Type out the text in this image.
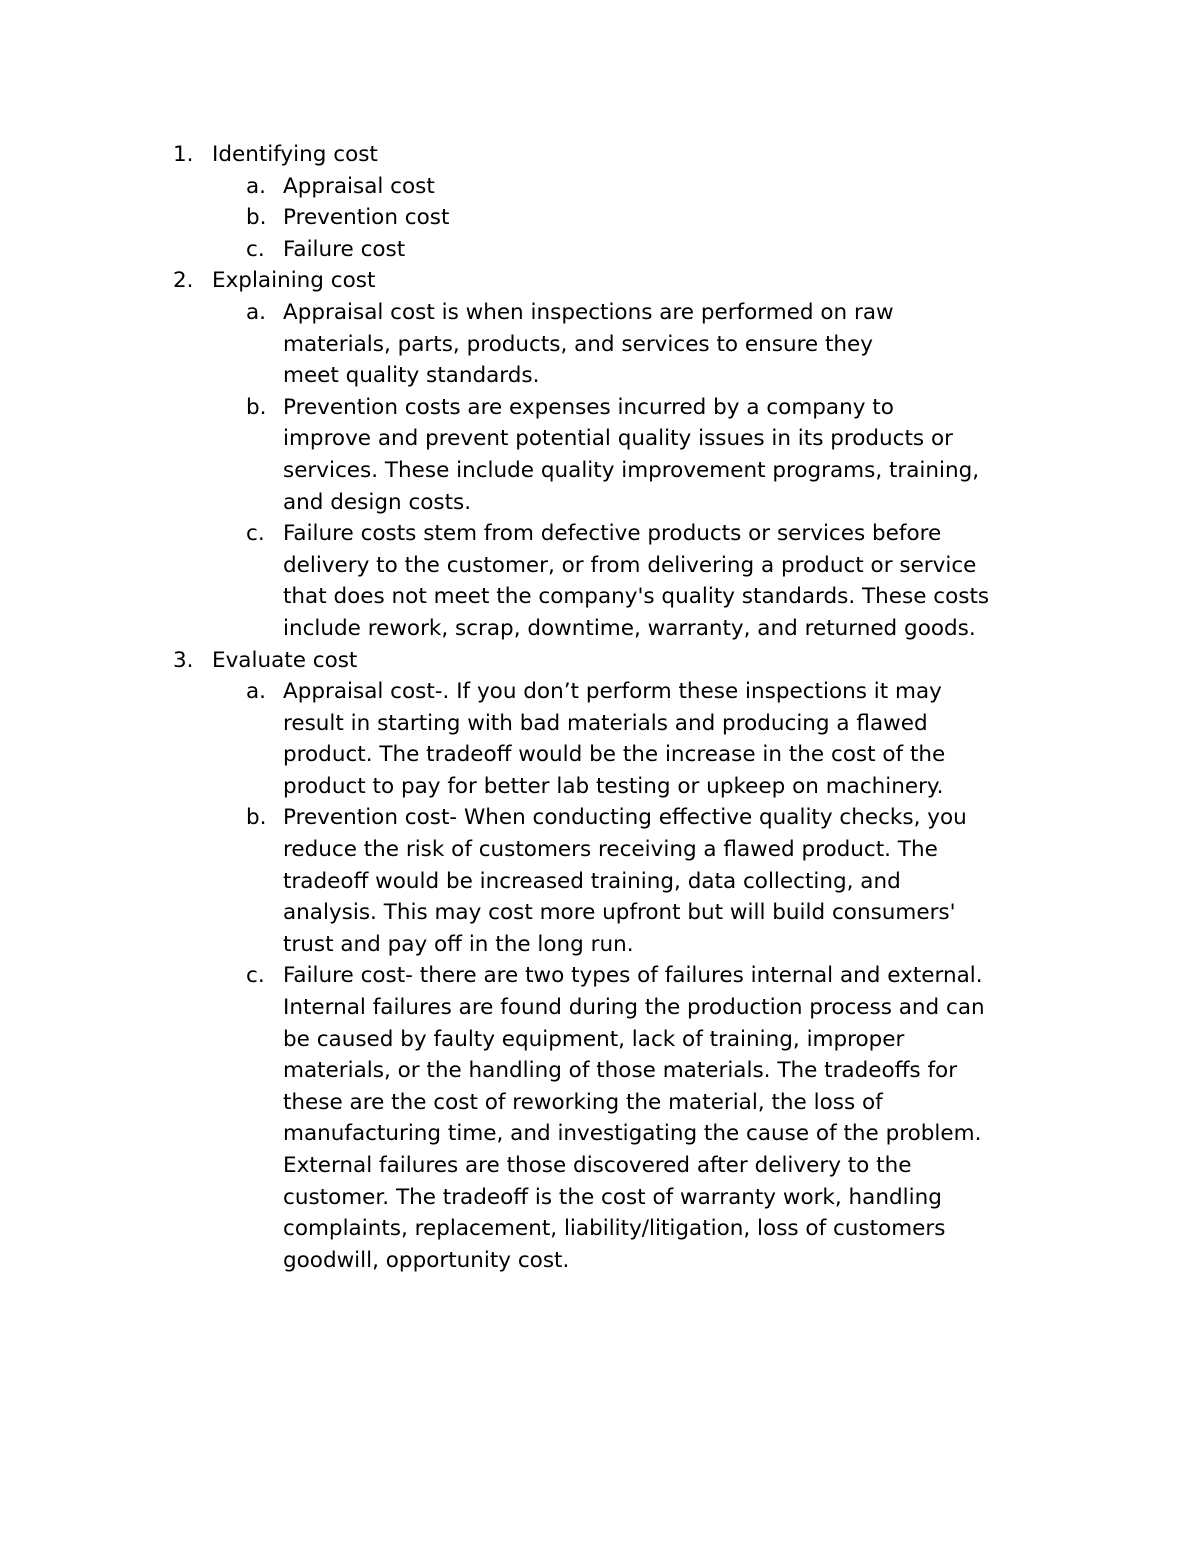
1. Identifying cost
a. Appraisal cost
b. Prevention cost
c. Failure cost
2. Explaining cost
a. Appraisal cost is when inspections are performed on raw
materials, parts, products, and services to ensure they
meet quality standards.
b. Prevention costs are expenses incurred by a company to
improve and prevent potential quality issues in its products or
services. These include quality improvement programs, training,
and design costs.
c. Failure costs stem from defective products or services before
delivery to the customer, or from delivering a product or service
that does not meet the company's quality standards. These costs
include rework, scrap, downtime, warranty, and returned goods.
3. Evaluate cost
a. Appraisal cost-. If you don’t perform these inspections it may
result in starting with bad materials and producing a flawed
product. The tradeoff would be the increase in the cost of the
product to pay for better lab testing or upkeep on machinery.
b. Prevention cost- When conducting effective quality checks, you
reduce the risk of customers receiving a flawed product. The
tradeoff would be increased training, data collecting, and
analysis. This may cost more upfront but will build consumers'
trust and pay off in the long run.
c. Failure cost- there are two types of failures internal and external.
Internal failures are found during the production process and can
be caused by faulty equipment, lack of training, improper
materials, or the handling of those materials. The tradeoffs for
these are the cost of reworking the material, the loss of
manufacturing time, and investigating the cause of the problem.
External failures are those discovered after delivery to the
customer. The tradeoff is the cost of warranty work, handling
complaints, replacement, liability/litigation, loss of customers
goodwill, opportunity cost.
